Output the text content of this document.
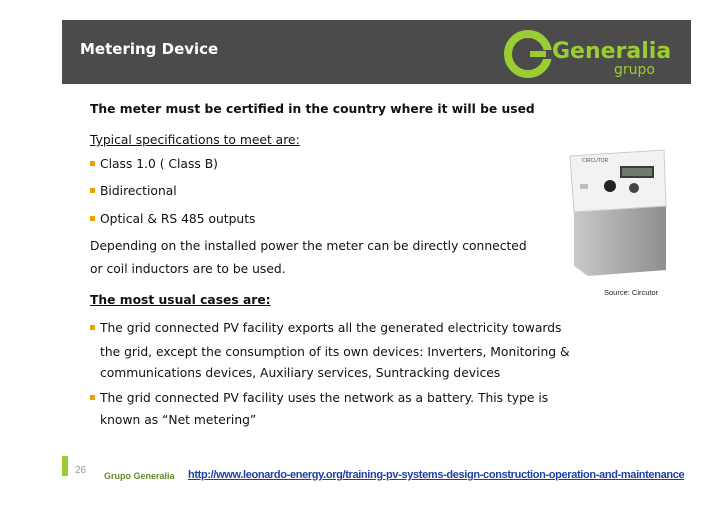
Metering Device	Generalia
grupo
The meter must be certified in the country where it will be used
Typical specifications to meet are:
Class 1.0 ( Class B)
Bidirectional
Optical & RS 485 outputs
Depending on the installed power the meter can be directly connected
or coil inductors are to be used.
The most usual cases are:
The grid connected PV facility exports all the generated electricity towards
the grid, except the consumption of its own devices: Inverters, Monitoring &
communications devices, Auxiliary services, Suntracking devices
The grid connected PV facility uses the network as a battery. This type is
known as “Net metering”
CIRCUTOR
Source: Circutor
26 Grupo Generalia http://www.leonardo-energy.org/training-pv-systems-design-construction-operation-and-maintenance
